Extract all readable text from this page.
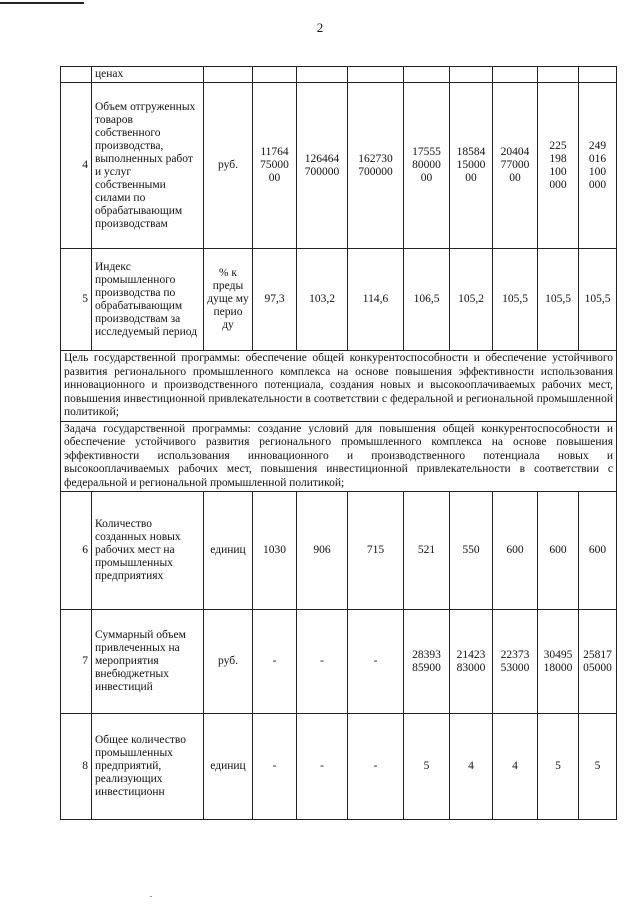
2
	ценах									
4	Объем отгруженных товаров собственного производства, выполненных работ и услуг собственными силами по обрабатывающим производствам	руб.	11764 75000 00	126464 700000	162730 700000	17555 80000 00	18584 15000 00	20404 77000 00	225 198 100 000	249 016 100 000
5	Индекс промышленного производства по обрабатывающим производствам за исследуемый период	% к преды дуще му перио ду	97,3	103,2	114,6	106,5	105,2	105,5	105,5	105,5
Цель государственной программы: обеспечение общей конкурентоспособности и обеспечение устойчивого развития регионального промышленного комплекса на основе повышения эффективности использования инновационного и производственного потенциала, создания новых и высокооплачиваемых рабочих мест, повышения инвестиционной привлекательности в соответствии с федеральной и региональной промышленной политикой;										
Задача государственной программы: создание условий для повышения общей конкурентоспособности и обеспечение устойчивого развития регионального промышленного комплекса на основе повышения эффективности использования инновационного и производственного потенциала новых и высокооплачиваемых рабочих мест, повышения инвестиционной привлекательности в соответствии с федеральной и региональной промышленной политикой;										
6	Количество созданных новых рабочих мест на промышленных предприятиях	единиц	1030	906	715	521	550	600	600	600
7	Суммарный объем привлеченных на мероприятия внебюджетных инвестиций	руб.	-	-	-	28393 85900	21423 83000	22373 53000	30495 18000	25817 05000
8	Общее количество промышленных предприятий, реализующих инвестиционн	единиц	-	-	-	5	4	4	5	5
